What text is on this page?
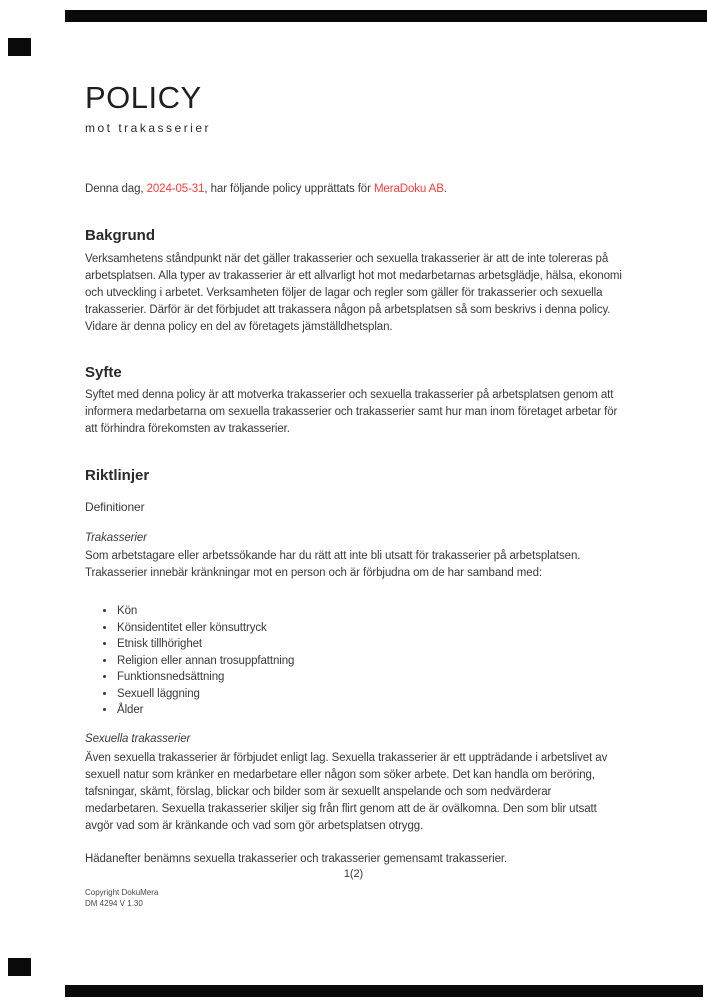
POLICY
mot trakasserier

Denna dag, 2024-05-31, har följande policy upprättats för MeraDoku AB.

Bakgrund

Verksamhetens ståndpunkt när det gäller trakasserier och sexuella trakasserier är att de inte tolereras på arbetsplatsen. Alla typer av trakasserier är ett allvarligt hot mot medarbetarnas arbetsglädje, hälsa, ekonomi och utveckling i arbetet. Verksamheten följer de lagar och regler som gäller för trakasserier och sexuella trakasserier. Därför är det förbjudet att trakassera någon på arbetsplatsen så som beskrivs i denna policy. Vidare är denna policy en del av företagets jämställdhetsplan.

Syfte

Syftet med denna policy är att motverka trakasserier och sexuella trakasserier på arbetsplatsen genom att informera medarbetarna om sexuella trakasserier och trakasserier samt hur man inom företaget arbetar för att förhindra förekomsten av trakasserier.

Riktlinjer
Definitioner
Trakasserier

Som arbetstagare eller arbetssökande har du rätt att inte bli utsatt för trakasserier på arbetsplatsen. Trakasserier innebär kränkningar mot en person och är förbjudna om de har samband med:

• Kön
• Könsidentitet eller könsuttryck
• Etnisk tillhörighet
• Religion eller annan trosuppfattning
• Funktionsnedsättning
• Sexuell läggning
• Ålder
Sexuella trakasserier

Även sexuella trakasserier är förbjudet enligt lag. Sexuella trakasserier är ett uppträdande i arbetslivet av sexuell natur som kränker en medarbetare eller någon som söker arbete. Det kan handla om beröring, tafsningar, skämt, förslag, blickar och bilder som är sexuellt anspelande och som nedvärderar medarbetaren. Sexuella trakasserier skiljer sig från flirt genom att de är ovälkomna. Den som blir utsatt avgör vad som är kränkande och vad som gör arbetsplatsen otrygg.

Hädanefter benämns sexuella trakasserier och trakasserier gemensamt trakasserier.

1(2)
Copyright DokuMera
DM 4294 V 1.30
